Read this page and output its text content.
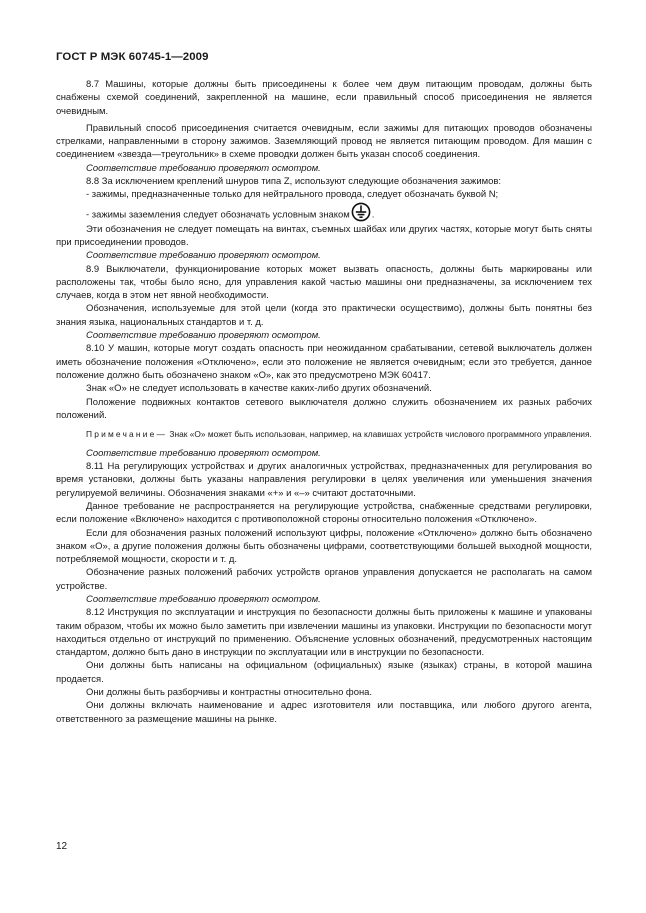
ГОСТ Р МЭК 60745-1—2009

8.7 Машины, которые должны быть присоединены к более чем двум питающим проводам, должны быть снабжены схемой соединений, закрепленной на машине, если правильный способ присоединения не является очевидным.

Правильный способ присоединения считается очевидным, если зажимы для питающих проводов обозначены стрелками, направленными в сторону зажимов. Заземляющий провод не является питающим проводом. Для машин с соединением «звезда—треугольник» в схеме проводки должен быть указан способ соединения.

Соответствие требованию проверяют осмотром.

8.8 За исключением креплений шнуров типа Z, используют следующие обозначения зажимов:

- зажимы, предназначенные только для нейтрального провода, следует обозначать буквой N;

- зажимы заземления следует обозначать условным знаком .

Эти обозначения не следует помещать на винтах, съемных шайбах или других частях, которые могут быть сняты при присоединении проводов.

Соответствие требованию проверяют осмотром.

8.9 Выключатели, функционирование которых может вызвать опасность, должны быть маркированы или расположены так, чтобы было ясно, для управления какой частью машины они предназначены, за исключением тех случаев, когда в этом нет явной необходимости.

Обозначения, используемые для этой цели (когда это практически осуществимо), должны быть понятны без знания языка, национальных стандартов и т. д.

Соответствие требованию проверяют осмотром.

8.10 У машин, которые могут создать опасность при неожиданном срабатывании, сетевой выключатель должен иметь обозначение положения «Отключено», если это положение не является очевидным; если это требуется, данное положение должно быть обозначено знаком «О», как это предусмотрено МЭК 60417.

Знак «О» не следует использовать в качестве каких-либо других обозначений.

Положение подвижных контактов сетевого выключателя должно служить обозначением их разных рабочих положений.

Примечание— Знак «О» может быть использован, например, на клавишах устройств числового программного управления.

Соответствие требованию проверяют осмотром.

8.11 На регулирующих устройствах и других аналогичных устройствах, предназначенных для регулирования во время установки, должны быть указаны направления регулировки в целях увеличения или уменьшения значения регулируемой величины. Обозначения знаками «+» и «–» считают достаточными.

Данное требование не распространяется на регулирующие устройства, снабженные средствами регулировки, если положение «Включено» находится с противоположной стороны относительно положения «Отключено».

Если для обозначения разных положений используют цифры, положение «Отключено» должно быть обозначено знаком «О», а другие положения должны быть обозначены цифрами, соответствующими большей выходной мощности, потребляемой мощности, скорости и т. д.

Обозначение разных положений рабочих устройств органов управления допускается не располагать на самом устройстве.

Соответствие требованию проверяют осмотром.

8.12 Инструкция по эксплуатации и инструкция по безопасности должны быть приложены к машине и упакованы таким образом, чтобы их можно было заметить при извлечении машины из упаковки. Инструкции по безопасности могут находиться отдельно от инструкций по применению. Объяснение условных обозначений, предусмотренных настоящим стандартом, должно быть дано в инструкции по эксплуатации или в инструкции по безопасности.

Они должны быть написаны на официальном (официальных) языке (языках) страны, в которой машина продается.

Они должны быть разборчивы и контрастны относительно фона.

Они должны включать наименование и адрес изготовителя или поставщика, или любого другого агента, ответственного за размещение машины на рынке.

12
